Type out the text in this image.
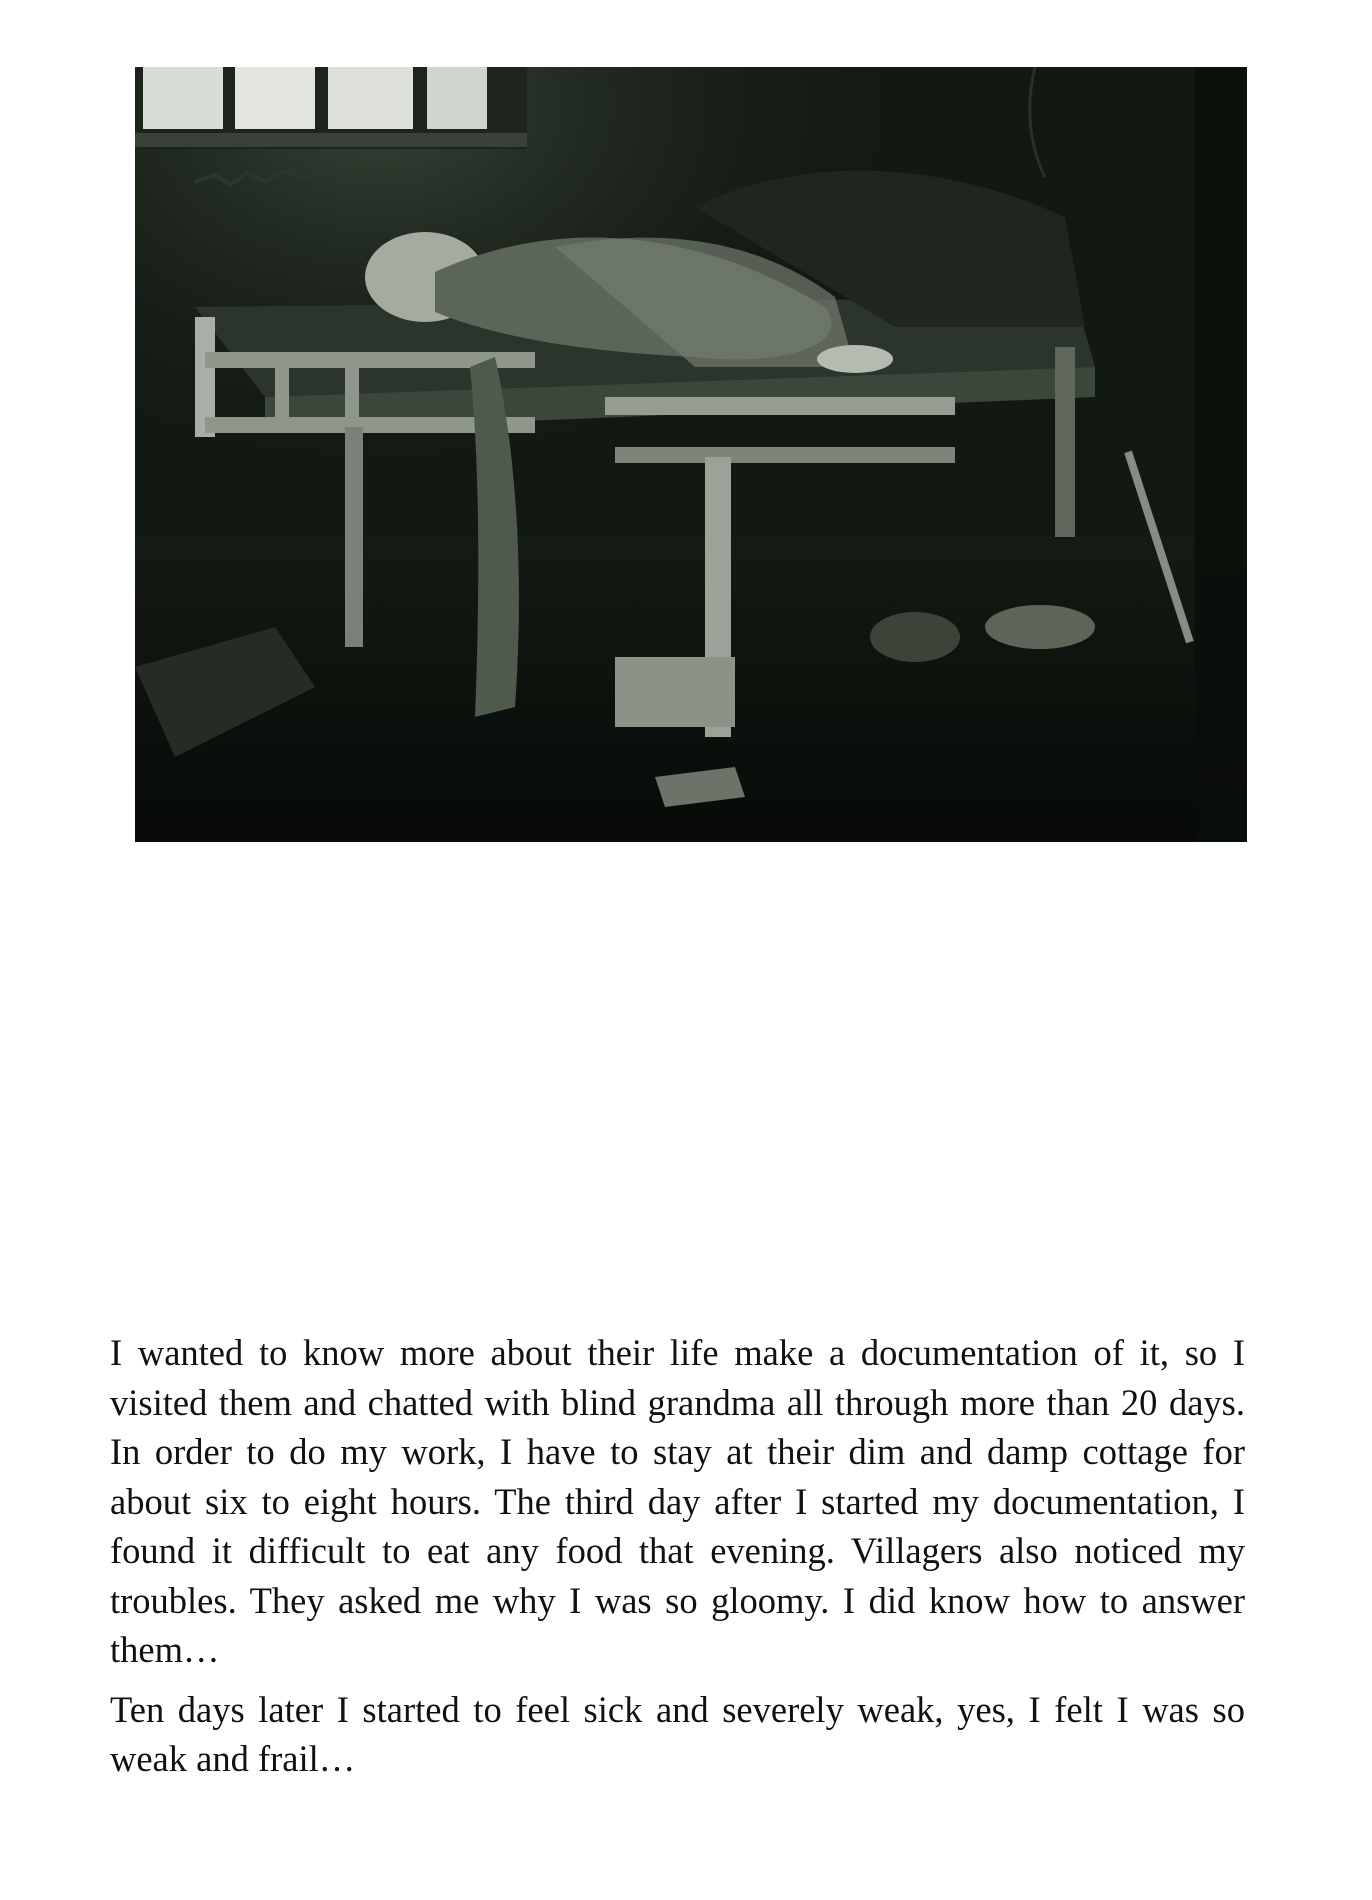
I wanted to know more about their life make a documentation of it, so I visited them and chatted with blind grandma all through more than 20 days. In order to do my work, I have to stay at their dim and damp cottage for about six to eight hours. The third day after I started my documentation, I found it difficult to eat any food that evening. Villagers also noticed my troubles. They asked me why I was so gloomy. I did know how to answer them…

Ten days later I started to feel sick and severely weak, yes, I felt I was so weak and frail…
